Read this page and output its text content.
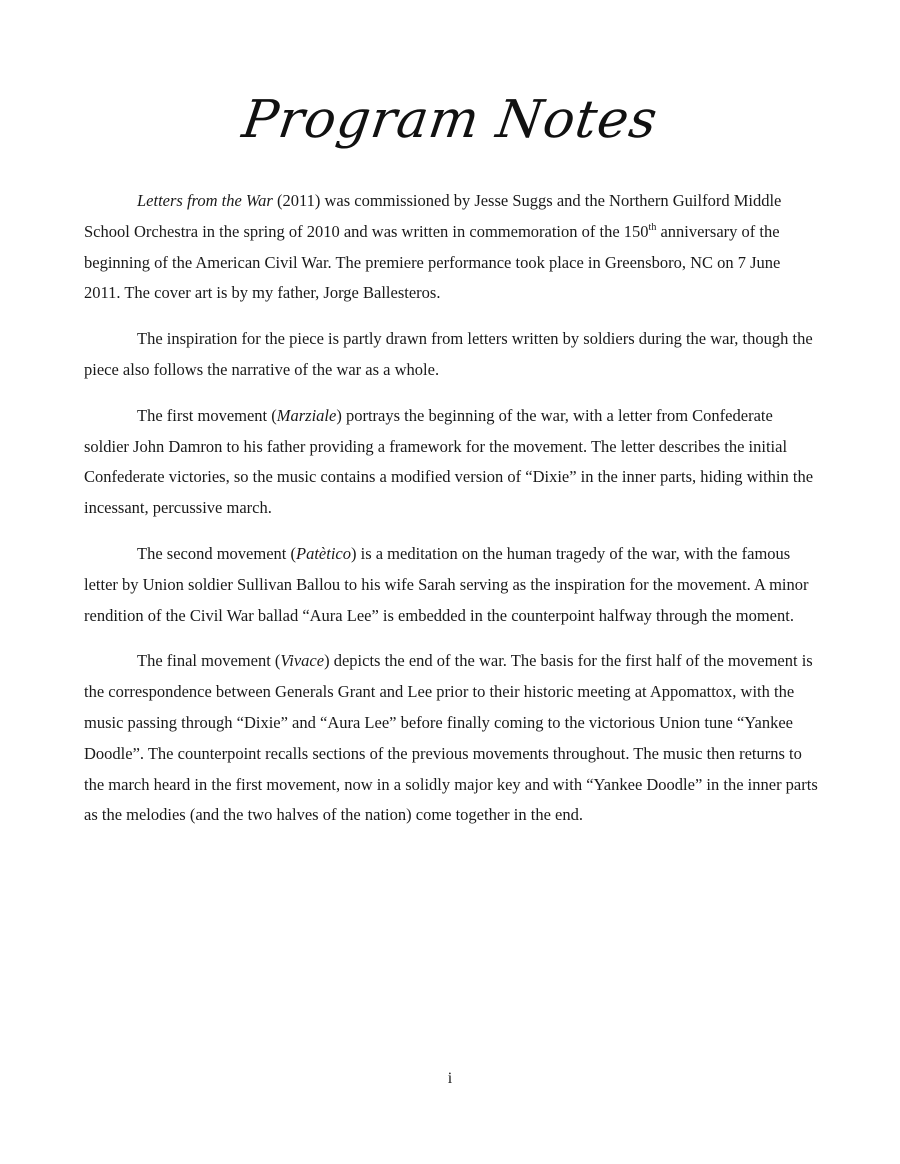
Program Notes

Letters from the War (2011) was commissioned by Jesse Suggs and the Northern Guilford Middle School Orchestra in the spring of 2010 and was written in commemoration of the 150th anniversary of the beginning of the American Civil War. The premiere performance took place in Greensboro, NC on 7 June 2011. The cover art is by my father, Jorge Ballesteros.

The inspiration for the piece is partly drawn from letters written by soldiers during the war, though the piece also follows the narrative of the war as a whole.

The first movement (Marziale) portrays the beginning of the war, with a letter from Confederate soldier John Damron to his father providing a framework for the movement. The letter describes the initial Confederate victories, so the music contains a modified version of “Dixie” in the inner parts, hiding within the incessant, percussive march.

The second movement (Patètico) is a meditation on the human tragedy of the war, with the famous letter by Union soldier Sullivan Ballou to his wife Sarah serving as the inspiration for the movement. A minor rendition of the Civil War ballad “Aura Lee” is embedded in the counterpoint halfway through the moment.

The final movement (Vivace) depicts the end of the war. The basis for the first half of the movement is the correspondence between Generals Grant and Lee prior to their historic meeting at Appomattox, with the music passing through “Dixie” and “Aura Lee” before finally coming to the victorious Union tune “Yankee Doodle”. The counterpoint recalls sections of the previous movements throughout. The music then returns to the march heard in the first movement, now in a solidly major key and with “Yankee Doodle” in the inner parts as the melodies (and the two halves of the nation) come together in the end.

i
